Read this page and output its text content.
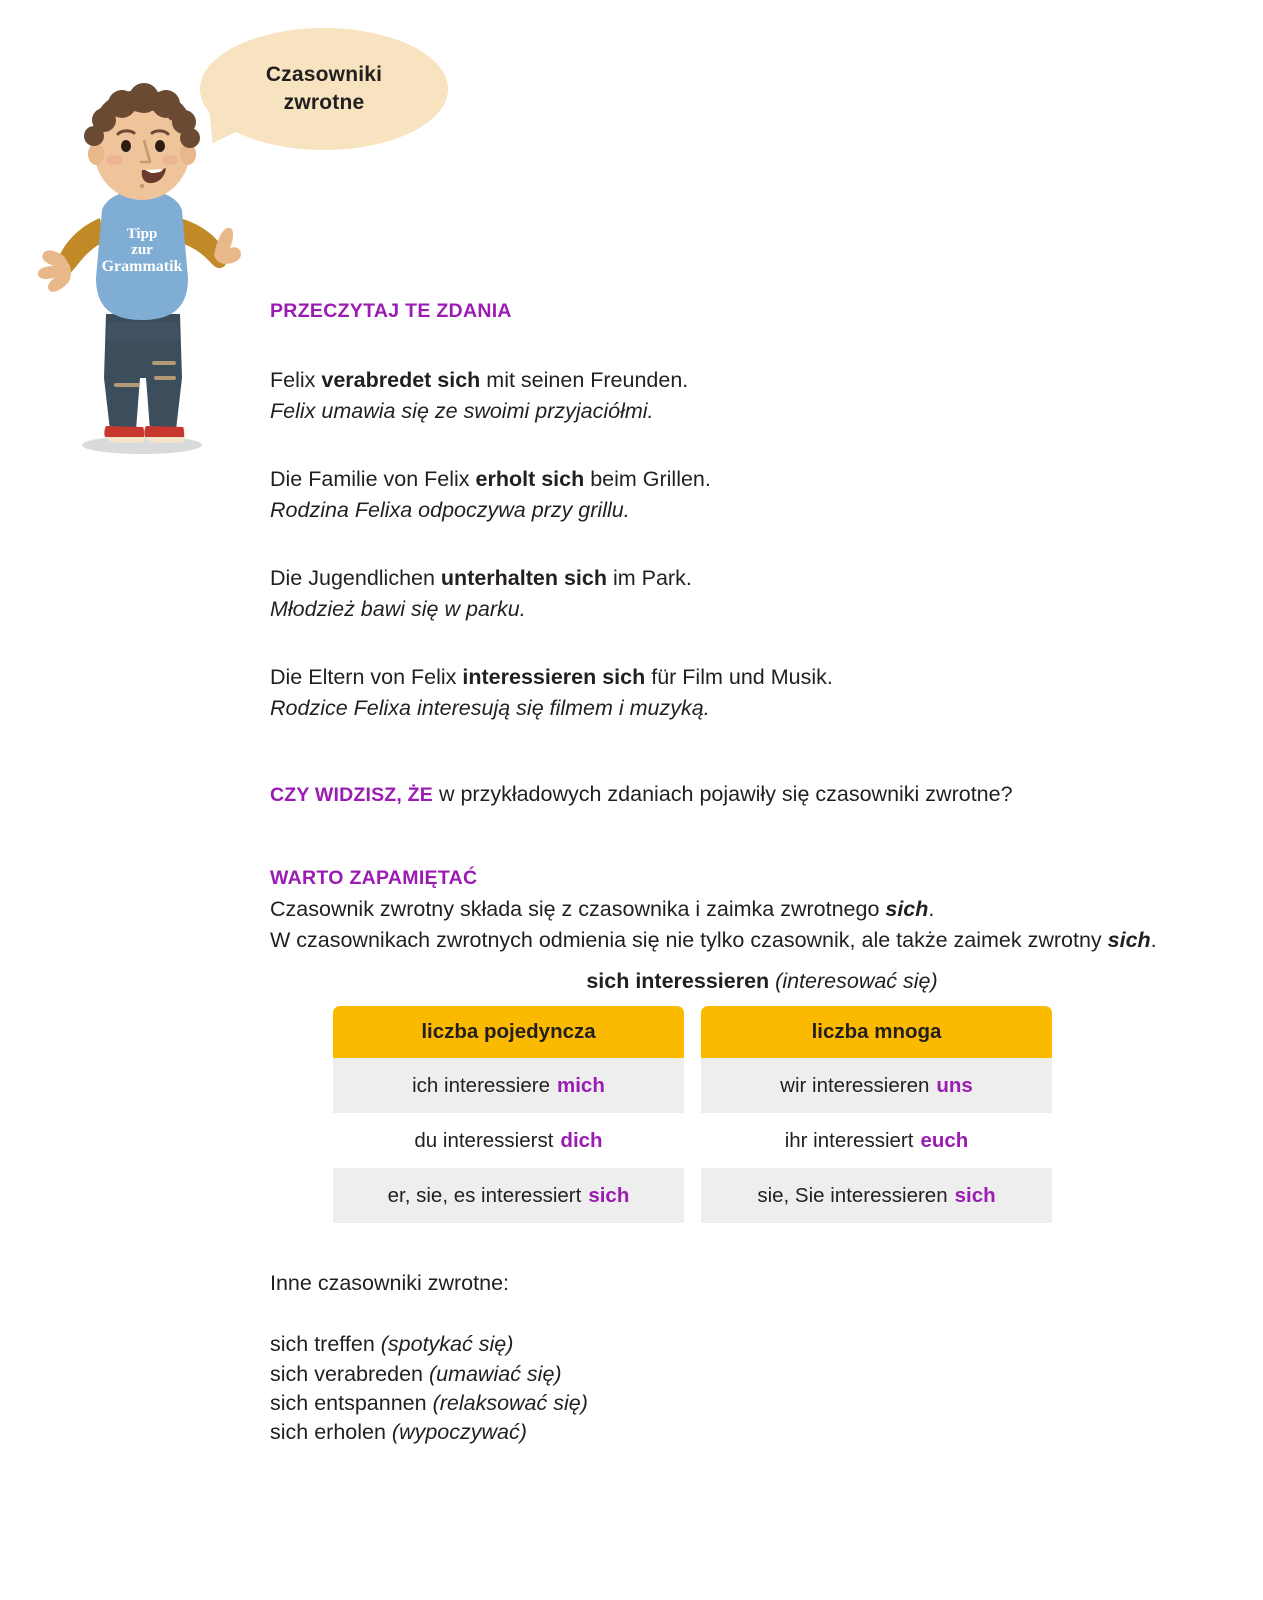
Tipp
zur
Grammatik
Czasowniki
zwrotne
PRZECZYTAJ TE ZDANIA
Felix verabredet sich mit seinen Freunden.
Felix umawia się ze swoimi przyjaciółmi.
Die Familie von Felix erholt sich beim Grillen.
Rodzina Felixa odpoczywa przy grillu.
Die Jugendlichen unterhalten sich im Park.
Młodzież bawi się w parku.
Die Eltern von Felix interessieren sich für Film und Musik.
Rodzice Felixa interesują się filmem i muzyką.
CZY WIDZISZ, ŻE w przykładowych zdaniach pojawiły się czasowniki zwrotne?
WARTO ZAPAMIĘTAĆ

Czasownik zwrotny składa się z czasownika i zaimka zwrotnego sich.

W czasownikach zwrotnych odmienia się nie tylko czasownik, ale także zaimek zwrotny sich.

sich interessieren (interesować się)
liczba pojedyncza
ich interessiere mich
du interessierst dich
er, sie, es interessiert sich
liczba mnoga
wir interessieren uns
ihr interessiert euch
sie, Sie interessieren sich
Inne czasowniki zwrotne:
sich treffen (spotykać się)
sich verabreden (umawiać się)
sich entspannen (relaksować się)
sich erholen (wypoczywać)
